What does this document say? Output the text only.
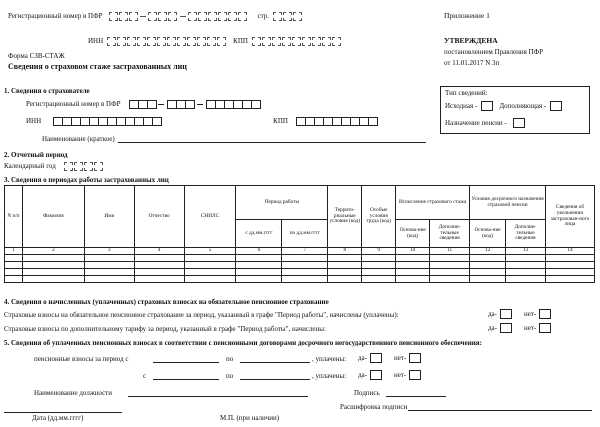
Регистрационный номер в ПФР
	стр.	Приложение 1
ИНН	КПП	УТВЕРЖДЕНА
постановлением Правления ПФР
от 11.01.2017 N 3п
Форма СЗВ-СТАЖ
Сведения о страховом стаже застрахованных лиц
1. Сведения о страхователе
Регистрационный номер в ПФР

ИНН	КПП
Наименование (краткое)
Тип сведений:
Исходная -	Дополняющая -
Назначение пенсии -
2. Отчетный период
Календарный год
3. Сведения о периодах работы застрахованных лиц
N п/п	Фамилия	Имя	Отчество	СНИЛС	Период работы		Террито-риальные условия (код)	Особые условия труда (код)	Исчисление страхового стажа		Условия досрочного назначения страховой пенсии		Сведения об увольнении застрахован-ного лица
					с дд.мм.гггг	по дд.мм.гггг			Основа-ние (код)	Дополни-тельные сведения	Основа-ние (код)	Дополни-тельные сведения	
1	2	3	4	5	6	7	8	9	10	11	12	13	14

4. Сведения о начисленных (уплаченных) страховых взносах на обязательное пенсионное страхование
Страховые взносы на обязательное пенсионное страхование за период, указанный в графе "Период работы", начислены (уплачены):
Страховые взносы по дополнительному тарифу за период, указанный в графе "Период работы", начислены:
да-	нет-
да-	нет-
5. Сведения об уплаченных пенсионных взносах в соответствии с пенсионными договорами досрочного негосударственного пенсионного обеспечения:
пенсионные взносы за период с	по	, уплачены: да-	нет-
с	по	, уплачены: да-	нет-
Наименование должности	Подпись
Расшифровка подписи
Дата (дд.мм.гггг)	М.П. (при наличии)
